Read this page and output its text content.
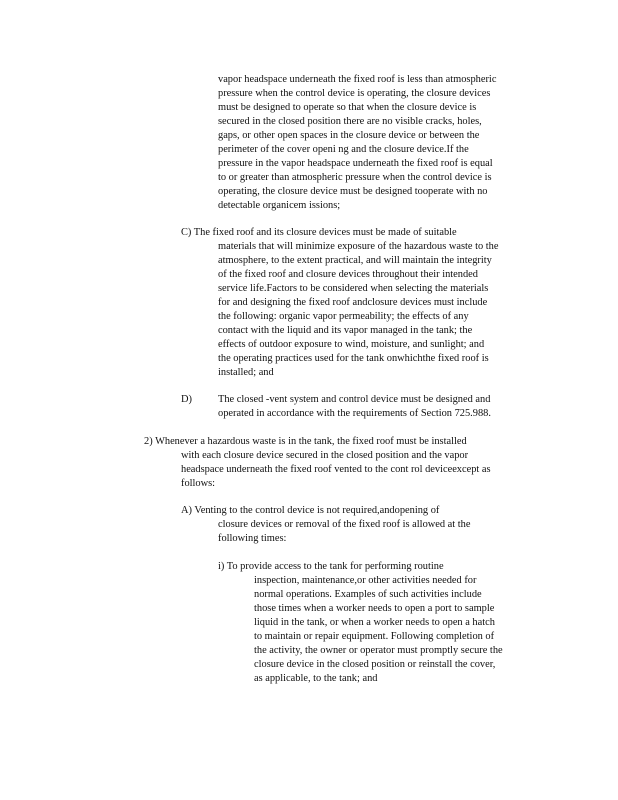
vapor headspace underneath the fixed roof is less than atmospheric
pressure when the control device is operating, the closure devices
must be designed to operate so that when the closure device is
secured in the closed position there are no visible cracks, holes,
gaps, or other open spaces in the closure device or between the
perimeter of the cover openi ng and the closure device.If the
pressure in the vapor headspace underneath the fixed roof is equal
to or greater than atmospheric pressure when the control device is
operating, the closure device must be designed tooperate with no
detectable organicem issions;
C) The fixed roof and its closure devices must be made of suitable
materials that will minimize exposure of the hazardous waste to the
atmosphere, to the extent practical, and will maintain the integrity
of the fixed roof and closure devices throughout their intended
service life.Factors to be considered when selecting the materials
for and designing the fixed roof andclosure devices must include
the following: organic vapor permeability; the effects of any
contact with the liquid and its vapor managed in the tank; the
effects of outdoor exposure to wind, moisture, and sunlight; and
the operating practices used for the tank onwhichthe fixed roof is
installed; and
D)	The closed -vent system and control device must be designed and
operated in accordance with the requirements of Section 725.988.
2) Whenever a hazardous waste is in the tank, the fixed roof must be installed
with each closure device secured in the closed position and the vapor
headspace underneath the fixed roof vented to the cont rol deviceexcept as
follows:
A) Venting to the control device is not required,andopening of
closure devices or removal of the fixed roof is allowed at the
following times:
i) To provide access to the tank for performing routine
inspection, maintenance,or other activities needed for
normal operations. Examples of such activities include
those times when a worker needs to open a port to sample
liquid in the tank, or when a worker needs to open a hatch
to maintain or repair equipment. Following completion of
the activity, the owner or operator must promptly secure the
closure device in the closed position or reinstall the cover,
as applicable, to the tank; and
